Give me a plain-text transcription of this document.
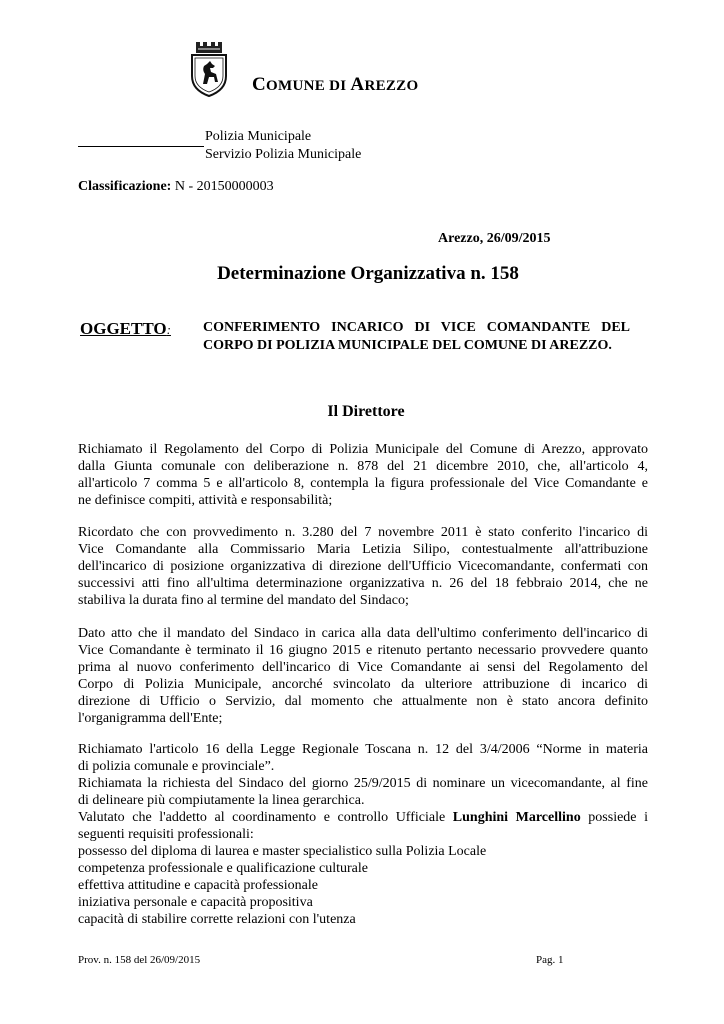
COMUNE DI AREZZO
Polizia Municipale
Servizio Polizia Municipale
Classificazione: N - 20150000003
Arezzo, 26/09/2015
Determinazione Organizzativa n. 158
OGGETTO: CONFERIMENTO INCARICO DI VICE COMANDANTE DEL CORPO DI POLIZIA MUNICIPALE DEL COMUNE DI AREZZO.
Il Direttore

Richiamato il Regolamento del Corpo di Polizia Municipale del Comune di Arezzo, approvato

dalla Giunta comunale con deliberazione n. 878 del 21 dicembre 2010, che, all'articolo 4,

all'articolo 7 comma 5 e all'articolo 8, contempla la figura professionale del Vice Comandante e

ne definisce compiti, attività e responsabilità;

Ricordato che con provvedimento n. 3.280 del 7 novembre 2011 è stato conferito l'incarico di

Vice Comandante alla Commissario Maria Letizia Silipo, contestualmente all'attribuzione

dell'incarico di posizione organizzativa di direzione dell'Ufficio Vicecomandante, confermati con

successivi atti fino all'ultima determinazione organizzativa n. 26 del 18 febbraio 2014, che ne

stabiliva la durata fino al termine del mandato del Sindaco;

Dato atto che il mandato del Sindaco in carica alla data dell'ultimo conferimento dell'incarico di

Vice Comandante è terminato il 16 giugno 2015 e ritenuto pertanto necessario provvedere quanto

prima al nuovo conferimento dell'incarico di Vice Comandante ai sensi del Regolamento del

Corpo di Polizia Municipale, ancorché svincolato da ulteriore attribuzione di incarico di

direzione di Ufficio o Servizio, dal momento che attualmente non è stato ancora definito

l'organigramma dell'Ente;

Richiamato l'articolo 16 della Legge Regionale Toscana n. 12 del 3/4/2006 “Norme in materia

di polizia comunale e provinciale”.

Richiamata la richiesta del Sindaco del giorno 25/9/2015 di nominare un vicecomandante, al fine

di delineare più compiutamente la linea gerarchica.

Valutato che l'addetto al coordinamento e controllo Ufficiale Lunghini Marcellino possiede i

seguenti requisiti professionali:

possesso del diploma di laurea e master specialistico sulla Polizia Locale

competenza professionale e qualificazione culturale

effettiva attitudine e capacità professionale

iniziativa personale e capacità propositiva

capacità di stabilire corrette relazioni con l'utenza

Prov. n. 158 del 26/09/2015	Pag. 1
